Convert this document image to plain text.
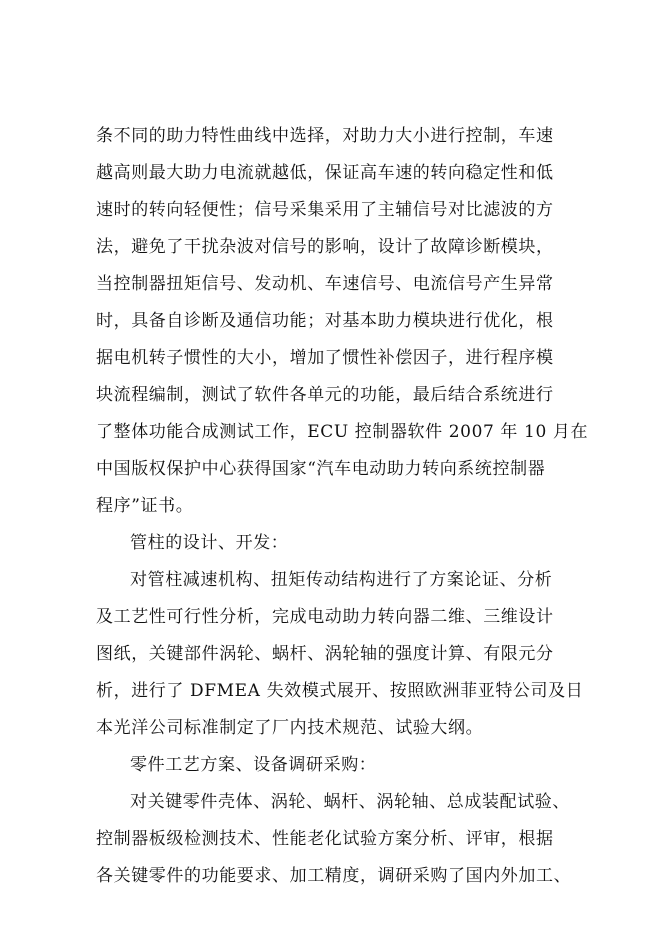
条不同的助力特性曲线中选择，对助力大小进行控制，车速
越高则最大助力电流就越低，保证高车速的转向稳定性和低
速时的转向轻便性；信号采集采用了主辅信号对比滤波的方
法，避免了干扰杂波对信号的影响，设计了故障诊断模块，
当控制器扭矩信号、发动机、车速信号、电流信号产生异常
时，具备自诊断及通信功能；对基本助力模块进行优化，根
据电机转子惯性的大小，增加了惯性补偿因子，进行程序模
块流程编制，测试了软件各单元的功能，最后结合系统进行
了整体功能合成测试工作，ECU 控制器软件 2007 年 10 月在
中国版权保护中心获得国家“汽车电动助力转向系统控制器
程序”证书。
管柱的设计、开发：
对管柱减速机构、扭矩传动结构进行了方案论证、分析
及工艺性可行性分析，完成电动助力转向器二维、三维设计
图纸，关键部件涡轮、蜗杆、涡轮轴的强度计算、有限元分
析，进行了 DFMEA 失效模式展开、按照欧洲菲亚特公司及日
本光洋公司标准制定了厂内技术规范、试验大纲。
零件工艺方案、设备调研采购：
对关键零件壳体、涡轮、蜗杆、涡轮轴、总成装配试验、
控制器板级检测技术、性能老化试验方案分析、评审，根据
各关键零件的功能要求、加工精度，调研采购了国内外加工、
